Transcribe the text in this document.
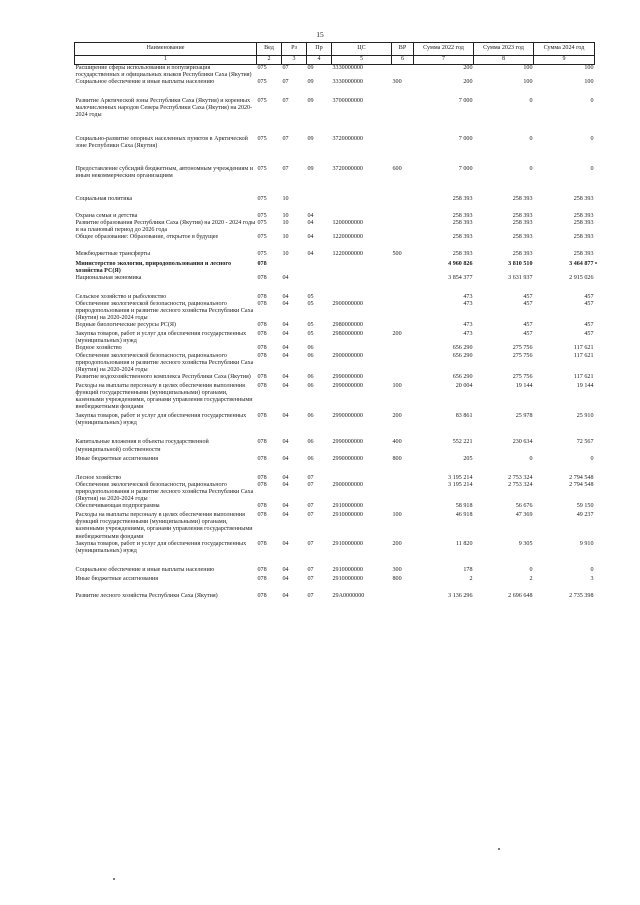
15
Наименование	Вед	Рз	Пр	ЦС	ВР	Сумма 2022 год	Сумма 2023 год	Сумма 2024 год
1	2	3	4	5	6	7	8	9
Расширение сферы использования и популяризация государственных и официальных языков Республики Саха (Якутия)	075	07	09	3330000000		200	100	100
Социальное обеспечение и иные выплаты населению	075	07	09	3330000000	300	200	100	100
Развитие Арктической зоны Республики Саха (Якутия) и коренных малочисленных народов Севера Республики Саха (Якутия) на 2020-2024 годы	075	07	09	3700000000		7 000	0	0
Социально-развитие опорных населенных пунктов в Арктической зоне Республики Саха (Якутия)	075	07	09	3720000000		7 000	0	0
Предоставление субсидий бюджетным, автономным учреждениям и иным некоммерческим организациям	075	07	09	3720000000	600	7 000	0	0
Социальная политика	075	10				258 393	258 393	258 393
Охрана семьи и детства	075	10	04			258 393	258 393	258 393
Развитие образования Республики Саха (Якутия) на 2020 - 2024 годы и на плановый период до 2026 года	075	10	04	1200000000		258 393	258 393	258 393
Общее образование: Образование, открытое в будущее	075	10	04	1220000000		258 393	258 393	258 393
Межбюджетные трансферты	075	10	04	1220000000	500	258 393	258 393	258 393
Министерство экологии, природопользования и лесного хозяйства РС(Я)	078					4 960 826	3 810 510	3 464 877
Национальная экономика	078	04				3 854 377	3 631 937	2 915 026
Сельское хозяйство и рыболовство	078	04	05			473	457	457
Обеспечение экологической безопасности, рационального природопользования и развитие лесного хозяйства Республики Саха (Якутия) на 2020-2024 годы	078	04	05	2900000000		473	457	457
Водные биологические ресурсы РС(Я)	078	04	05	2980000000		473	457	457
Закупка товаров, работ и услуг для обеспечения государственных (муниципальных) нужд	078	04	05	2980000000	200	473	457	457
Водное хозяйство	078	04	06			656 290	275 756	117 621
Обеспечение экологической безопасности, рационального природопользования и развитие лесного хозяйства Республики Саха (Якутия) на 2020-2024 годы	078	04	06	2900000000		656 290	275 756	117 621
Развитие водохозяйственного комплекса Республики Саха (Якутия)	078	04	06	2990000000		656 290	275 756	117 621
Расходы на выплаты персоналу в целях обеспечения выполнения функций государственными (муниципальными) органами, казенными учреждениями, органами управления государственными внебюджетными фондами	078	04	06	2990000000	100	20 004	19 144	19 144
Закупка товаров, работ и услуг для обеспечения государственных (муниципальных) нужд	078	04	06	2990000000	200	83 861	25 978	25 910
Капитальные вложения в объекты государственной (муниципальной) собственности	078	04	06	2990000000	400	552 221	230 634	72 567
Иные бюджетные ассигнования	078	04	06	2990000000	800	205	0	0
Лесное хозяйство	078	04	07			3 195 214	2 753 324	2 794 548
Обеспечение экологической безопасности, рационального природопользования и развитие лесного хозяйства Республики Саха (Якутия) на 2020-2024 годы	078	04	07	2900000000		3 195 214	2 753 324	2 794 548
Обеспечивающая подпрограмма	078	04	07	2910000000		58 918	56 676	59 150
Расходы на выплаты персоналу в целях обеспечения выполнения функций государственными (муниципальными) органами, казенными учреждениями, органами управления государственными внебюджетными фондами	078	04	07	2910000000	100	46 918	47 369	49 237
Закупка товаров, работ и услуг для обеспечения государственных (муниципальных) нужд	078	04	07	2910000000	200	11 820	9 305	9 910
Социальное обеспечение и иные выплаты населению	078	04	07	2910000000	300	178	0	0
Иные бюджетные ассигнования	078	04	07	2910000000	800	2	2	3
Развитие лесного хозяйства Республики Саха (Якутия)	078	04	07	29А0000000		3 136 296	2 696 648	2 735 398
